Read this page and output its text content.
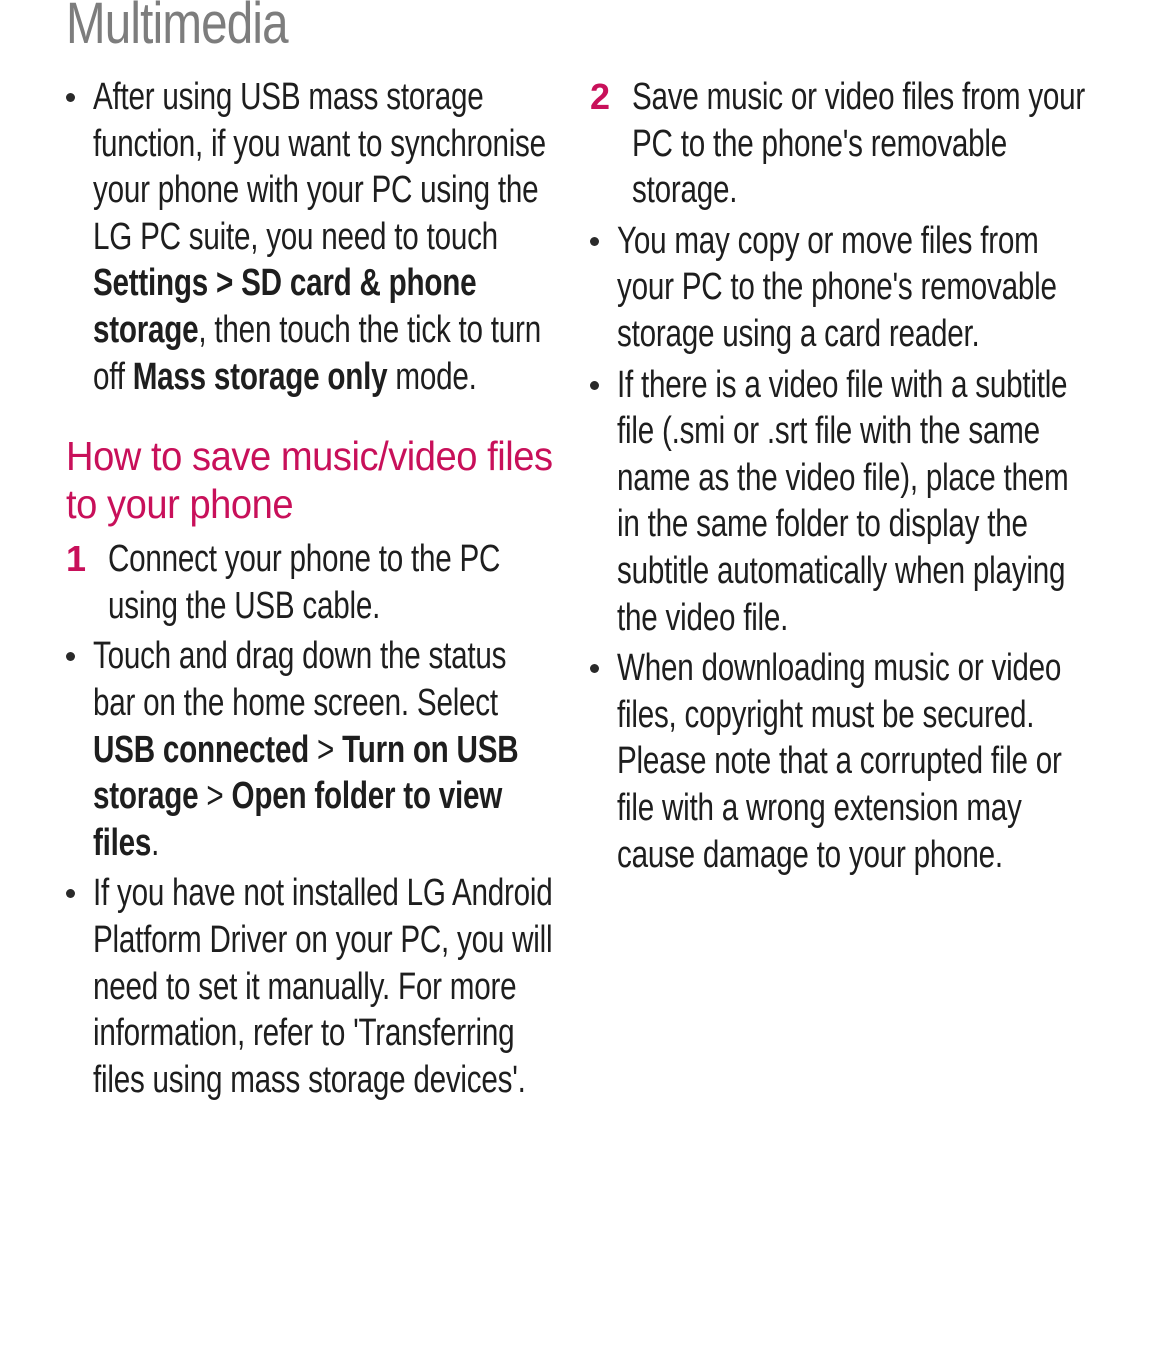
Multimedia
After using USB mass storage function, if you want to synchronise your phone with your PC using the LG PC suite, you need to touch Settings > SD card & phone storage, then touch the tick to turn off Mass storage only mode.
How to save music/video files to your phone
1 Connect your phone to the PC using the USB cable.
Touch and drag down the status bar on the home screen. Select USB connected > Turn on USB storage > Open folder to view files.
If you have not installed LG Android Platform Driver on your PC, you will need to set it manually. For more information, refer to 'Transferring files using mass storage devices'.
2 Save music or video files from your PC to the phone's removable storage.
You may copy or move files from your PC to the phone's removable storage using a card reader.
If there is a video file with a subtitle file (.smi or .srt file with the same name as the video file), place them in the same folder to display the subtitle automatically when playing the video file.
When downloading music or video files, copyright must be secured. Please note that a corrupted file or file with a wrong extension may cause damage to your phone.
